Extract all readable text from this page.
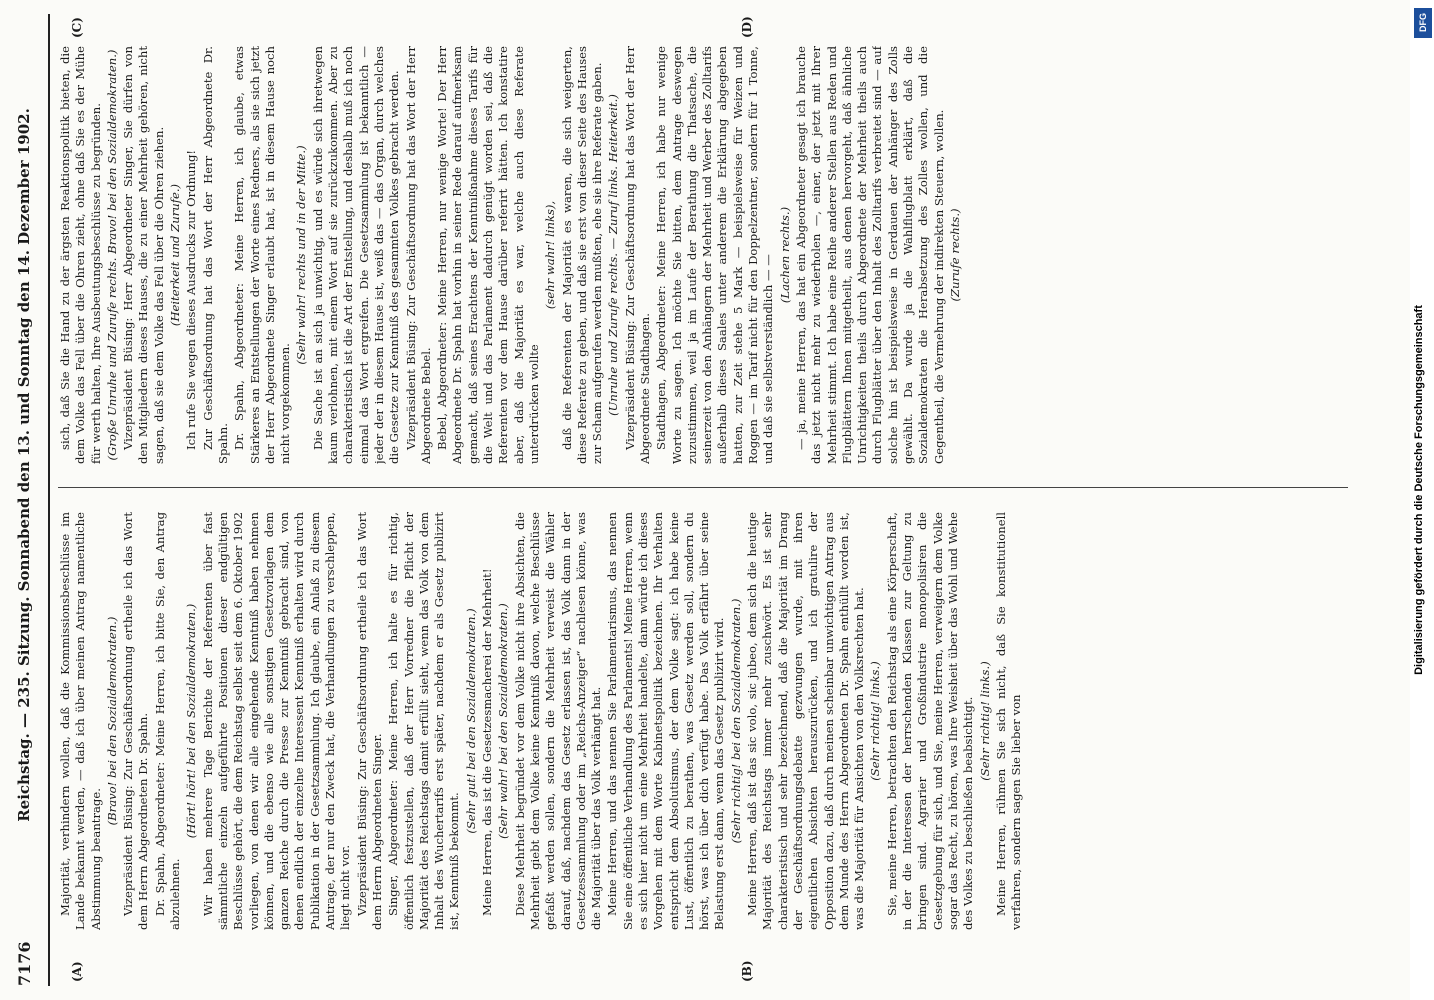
7176
Reichstag. — 235. Sitzung. Sonnabend den 13. und Sonntag den 14. Dezember 1902.
(A)	(B)
(C)	(D)

Majorität, verhindern wollen, daß die Kommissionsbeschlüsse im Lande bekannt werden, — daß ich über meinen Antrag namentliche Abstimmung beantrage.

(Bravo! bei den Sozialdemokraten.) Vizepräsident Büsing: Zur Geschäftsordnung ertheile ich das Wort dem Herrn Abgeordneten Dr. Spahn. Dr. Spahn, Abgeordneter: Meine Herren, ich bitte Sie, den Antrag abzulehnen.

(Hört! hört! bei den Sozialdemokraten.) Wir haben mehrere Tage Berichte der Referenten über fast sämmtliche einzeln aufgeführte Positionen dieser endgültigen Beschlüsse gehört, die dem Reichstag selbst seit dem 6. Oktober 1902 vorliegen, von denen wir alle eingehende Kenntniß haben nehmen können, und die ebenso wie alle sonstigen Gesetzvorlagen dem ganzen Reiche durch die Presse zur Kenntniß gebracht sind, von denen endlich der einzelne Interessent Kenntniß erhalten wird durch Publikation in der Gesetzsammlung. Ich glaube, ein Anlaß zu diesem Antrage, der nur den Zweck hat, die Verhandlungen zu verschleppen, liegt nicht vor. Vizepräsident Büsing: Zur Geschäftsordnung ertheile ich das Wort dem Herrn Abgeordneten Singer. Singer, Abgeordneter: Meine Herren, ich halte es für richtig, öffentlich festzustellen, daß der Herr Vorredner die Pflicht der Majorität des Reichstags damit erfüllt sieht, wenn das Volk von dem Inhalt des Wuchertarifs erst später, nachdem er als Gesetz publizirt ist, Kenntniß bekommt.

(Sehr gut! bei den Sozialdemokraten.) Meine Herren, das ist die Gesetzesmacherei der Mehrheit! (Sehr wahr! bei den Sozialdemokraten.) Diese Mehrheit begründet vor dem Volke nicht ihre Absichten, die Mehrheit giebt dem Volke keine Kenntniß davon, welche Beschlüsse gefaßt werden sollen, sondern die Mehrheit verweist die Wähler darauf, daß, nachdem das Gesetz erlassen ist, das Volk dann in der Gesetzessammlung oder im „Reichs-Anzeiger“ nachlesen könne, was die Majorität über das Volk verhängt hat. Meine Herren, und das nennen Sie Parlamentarismus, das nennen Sie eine öffentliche Verhandlung des Parlaments! Meine Herren, wenn es sich hier nicht um eine Mehrheit handelte, dann würde ich dieses Vorgehen mit dem Worte Kabinetspolitik bezeichnen. Ihr Verhalten entspricht dem Absolutismus, der dem Volke sagt: ich habe keine Lust, öffentlich zu berathen, was Gesetz werden soll, sondern du hörst, was ich über dich verfügt habe. Das Volk erfährt über seine Belastung erst dann, wenn das Gesetz publizirt wird. (Sehr richtig! bei den Sozialdemokraten.) Meine Herren, daß ist das sic volo, sic jubeo, dem sich die heutige Majorität des Reichstags immer mehr zuschwört. Es ist sehr charakteristisch und sehr bezeichnend, daß die Majorität im Drang der Geschäftsordnungsdebatte gezwungen wurde, mit ihren eigentlichen Absichten herauszurücken, und ich gratulire der Opposition dazu, daß durch meinen scheinbar unwichtigen Antrag aus dem Munde des Herrn Abgeordneten Dr. Spahn enthüllt worden ist, was die Majorität für Ansichten von den Volksrechten hat. (Sehr richtig! links.) Sie, meine Herren, betrachten den Reichstag als eine Körperschaft, in der die Interessen der herrschenden Klassen zur Geltung zu bringen sind. Agrarier und Großindustrie monopolisiren die Gesetzgebung für sich, und Sie, meine Herren, verweigern dem Volke sogar das Recht, zu hören, was Ihre Weisheit über das Wohl und Wehe des Volkes zu beschließen beabsichtigt. (Sehr richtig! links.) Meine Herren, rühmen Sie sich nicht, daß Sie konstitutionell verfahren, sondern sagen Sie lieber von

sich, daß Sie die Hand zu der ärgsten Reaktionspolitik bieten, die dem Volke das Fell über die Ohren zieht, ohne daß Sie es der Mühe für werth halten, Ihre Ausbeutungsbeschlüsse zu begründen. (Große Unruhe und Zurufe rechts. Bravo! bei den Sozialdemokraten.) Vizepräsident Büsing: Herr Abgeordneter Singer, Sie dürfen von den Mitgliedern dieses Hauses, die zu einer Mehrheit gehören, nicht sagen, daß sie dem Volke das Fell über die Ohren ziehen. (Heiterkeit und Zurufe.) Ich rufe Sie wegen dieses Ausdrucks zur Ordnung! Zur Geschäftsordnung hat das Wort der Herr Abgeordnete Dr. Spahn. Dr. Spahn, Abgeordneter: Meine Herren, ich glaube, etwas Stärkeres an Entstellungen der Worte eines Redners, als sie sich jetzt der Herr Abgeordnete Singer erlaubt hat, ist in diesem Hause noch nicht vorgekommen.

(Sehr wahr! rechts und in der Mitte.) Die Sache ist an sich ja unwichtig, und es würde sich ihretwegen kaum verlohnen, mit einem Wort auf sie zurückzukommen. Aber zu charakteristisch ist die Art der Entstellung, und deshalb muß ich noch einmal das Wort ergreifen. Die Gesetzsammlung ist bekanntlich — jeder der in diesem Hause ist, weiß das — das Organ, durch welches die Gesetze zur Kenntniß des gesammten Volkes gebracht werden. Vizepräsident Büsing: Zur Geschäftsordnung hat das Wort der Herr Abgeordnete Bebel. Bebel, Abgeordneter: Meine Herren, nur wenige Worte! Der Herr Abgeordnete Dr. Spahn hat vorhin in seiner Rede darauf aufmerksam gemacht, daß seines Erachtens der Kenntnißnahme dieses Tarifs für die Welt und das Parlament dadurch genügt worden sei, daß die Referenten vor dem Hause darüber referirt hätten. Ich konstatire aber, daß die Majorität es war, welche auch diese Referate unterdrücken wollte

(sehr wahr! links), daß die Referenten der Majorität es waren, die sich weigerten, diese Referate zu geben, und daß sie erst von dieser Seite des Hauses zur Scham aufgerufen werden mußten, ehe sie ihre Referate gaben. (Unruhe und Zurufe rechts. — Zuruf links. Heiterkeit.) Vizepräsident Büsing: Zur Geschäftsordnung hat das Wort der Herr Abgeordnete Stadthagen. Stadthagen, Abgeordneter: Meine Herren, ich habe nur wenige Worte zu sagen. Ich möchte Sie bitten, dem Antrage deswegen zuzustimmen, weil ja im Laufe der Berathung die Thatsache, die seinerzeit von den Anhängern der Mehrheit und Werber des Zolltarifs außerhalb dieses Saales unter anderem die Erklärung abgegeben hatten, zur Zeit stehe 5 Mark — beispielsweise für Weizen und Roggen — im Tarif nicht für den Doppelzentner, sondern für 1 Tonne, und daß sie selbstverständlich — — (Lachen rechts.) — ja, meine Herren, das hat ein Abgeordneter gesagt ich brauche das jetzt nicht mehr zu wiederholen —, einer, der jetzt mit Ihrer Mehrheit stimmt. Ich habe eine Reihe anderer Stellen aus Reden und Flugblättern Ihnen mitgetheilt, aus denen hervorgeht, daß ähnliche Unrichtigkeiten theils durch Abgeordnete der Mehrheit theils auch durch Flugblätter über den Inhalt des Zolltarifs verbreitet sind — auf solche hin ist beispielsweise in Gerdauen der Anhänger des Zolls gewählt. Da wurde ja die Wahlflugblatt erklärt, daß die Sozialdemokraten die Herabsetzung des Zolles wollen, und die Gegentheil, die Vermehrung der indirekten Steuern, wollen. (Zurufe rechts.)

DFG
Digitalisierung gefördert durch die Deutsche Forschungsgemeinschaft
